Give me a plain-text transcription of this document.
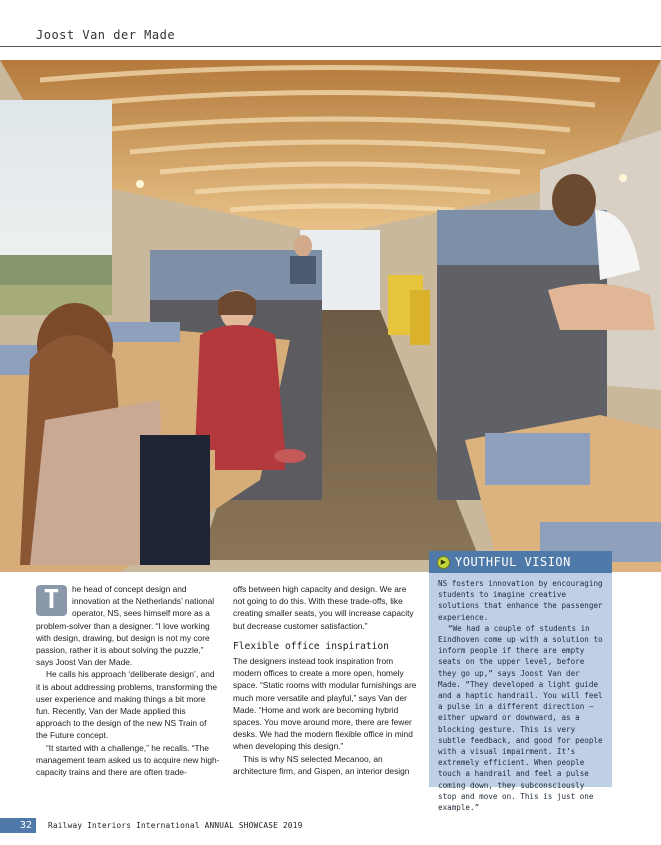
Joost Van der Made
T	he head of concept design and innovation at the Netherlands’ national operator, NS, sees himself more as a problem-solver than a designer. “I love working with design, drawing, but design is not my core passion, rather it is about solving the puzzle,” says Joost Van der Made.

He calls his approach ‘deliberate design’, and it is about addressing problems, transforming the user experience and making things a bit more fun. Recently, Van der Made applied this approach to the design of the new NS Train of the Future concept.

“It started with a challenge,” he recalls. “The management team asked us to acquire new high-capacity trains and there are often trade-

offs between high capacity and design. We are not going to do this. With these trade-offs, like creating smaller seats, you will increase capacity but decrease customer satisfaction.”

Flexible office inspiration

The designers instead took inspiration from modern offices to create a more open, homely space. “Static rooms with modular furnishings are much more versatile and playful,” says Van der Made. “Home and work are becoming hybrid spaces. You move around more, there are fewer desks. We had the modern flexible office in mind when developing this design.”

This is why NS selected Mecanoo, an architecture firm, and Gispen, an interior design

▶ YOUTHFUL VISION

NS fosters innovation by encouraging students to imagine creative solutions that enhance the passenger experience.

“We had a couple of students in Eindhoven come up with a solution to inform people if there are empty seats on the upper level, before they go up,” says Joost Van der Made. “They developed a light guide and a haptic handrail. You will feel a pulse in a different direction – either upward or downward, as a blocking gesture. This is very subtle feedback, and good for people with a visual impairment. It’s extremely efficient. When people touch a handrail and feel a pulse coming down, they subconsciously stop and move on. This is just one example.”

32	Railway Interiors International ANNUAL SHOWCASE 2019
